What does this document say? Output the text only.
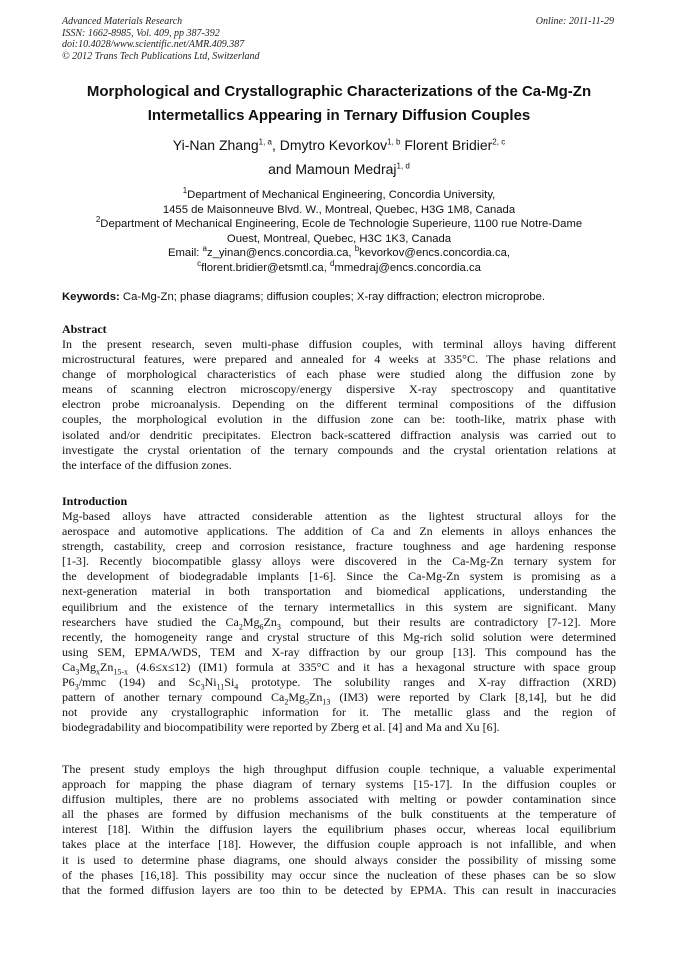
Advanced Materials Research
ISSN: 1662-8985, Vol. 409, pp 387-392
doi:10.4028/www.scientific.net/AMR.409.387
© 2012 Trans Tech Publications Ltd, Switzerland
Online: 2011-11-29
Morphological and Crystallographic Characterizations of the Ca-Mg-Zn
Intermetallics Appearing in Ternary Diffusion Couples
Yi-Nan Zhang$^{1, a}$, Dmytro Kevorkov$^{1, b}$ Florent Bridier$^{2, c}$
and Mamoun Medraj$^{1, d}$
$^1$Department of Mechanical Engineering, Concordia University,
1455 de Maisonneuve Blvd. W., Montreal, Quebec, H3G 1M8, Canada
$^2$Department of Mechanical Engineering, Ecole de Technologie Superieure, 1100 rue Notre-Dame
Ouest, Montreal, Quebec, H3C 1K3, Canada
Email: $^a$z_yinan@encs.concordia.ca, $^b$kevorkov@encs.concordia.ca,
$^c$florent.bridier@etsmtl.ca, $^d$mmedraj@encs.concordia.ca
Keywords: Ca-Mg-Zn; phase diagrams; diffusion couples; X-ray diffraction; electron microprobe.
Abstract
In the present research, seven multi-phase diffusion couples, with terminal alloys having different
microstructural features, were prepared and annealed for 4 weeks at 335°C. The phase relations and
change of morphological characteristics of each phase were studied along the diffusion zone by
means of scanning electron microscopy/energy dispersive X-ray spectroscopy and quantitative
electron probe microanalysis. Depending on the different terminal compositions of the diffusion
couples, the morphological evolution in the diffusion zone can be: tooth-like, matrix phase with
isolated and/or dendritic precipitates. Electron back-scattered diffraction analysis was carried out to
investigate the crystal orientation of the ternary compounds and the crystal orientation relations at
the interface of the diffusion zones.
Introduction
Mg-based alloys have attracted considerable attention as the lightest structural alloys for the
aerospace and automotive applications. The addition of Ca and Zn elements in alloys enhances the
strength, castability, creep and corrosion resistance, fracture toughness and age hardening response
[1-3]. Recently biocompatible glassy alloys were discovered in the Ca-Mg-Zn ternary system for
the development of biodegradable implants [1-6]. Since the Ca-Mg-Zn system is promising as a
next-generation material in both transportation and biomedical applications, understanding the
equilibrium and the existence of the ternary intermetallics in this system are significant. Many
researchers have studied the $Ca_2Mg_6Zn_3$ compound, but their results are contradictory [7-12]. More
recently, the homogeneity range and crystal structure of this Mg-rich solid solution were determined
using SEM, EPMA/WDS, TEM and X-ray diffraction by our group [13]. This compound has the
$Ca_3Mg_xZn_{15-x}$ (4.6≤x≤12) (IM1) formula at 335°C and it has a hexagonal structure with space group
$P6_3$/mmc (194) and $Sc_3Ni_{11}Si_4$ prototype. The solubility ranges and X-ray diffraction (XRD)
pattern of another ternary compound $Ca_2Mg_5Zn_{13}$ (IM3) were reported by Clark [8,14], but he did
not provide any crystallographic information for it. The metallic glass and the region of
biodegradability and biocompatibility were reported by Zberg et al. [4] and Ma and Xu [6].
The present study employs the high throughput diffusion couple technique, a valuable experimental
approach for mapping the phase diagram of ternary systems [15-17]. In the diffusion couples or
diffusion multiples, there are no problems associated with melting or powder contamination since
all the phases are formed by diffusion mechanisms of the bulk constituents at the temperature of
interest [18]. Within the diffusion layers the equilibrium phases occur, whereas local equilibrium
takes place at the interface [18]. However, the diffusion couple approach is not infallible, and when
it is used to determine phase diagrams, one should always consider the possibility of missing some
of the phases [16,18]. This possibility may occur since the nucleation of these phases can be so slow
that the formed diffusion layers are too thin to be detected by EPMA. This can result in inaccuracies
